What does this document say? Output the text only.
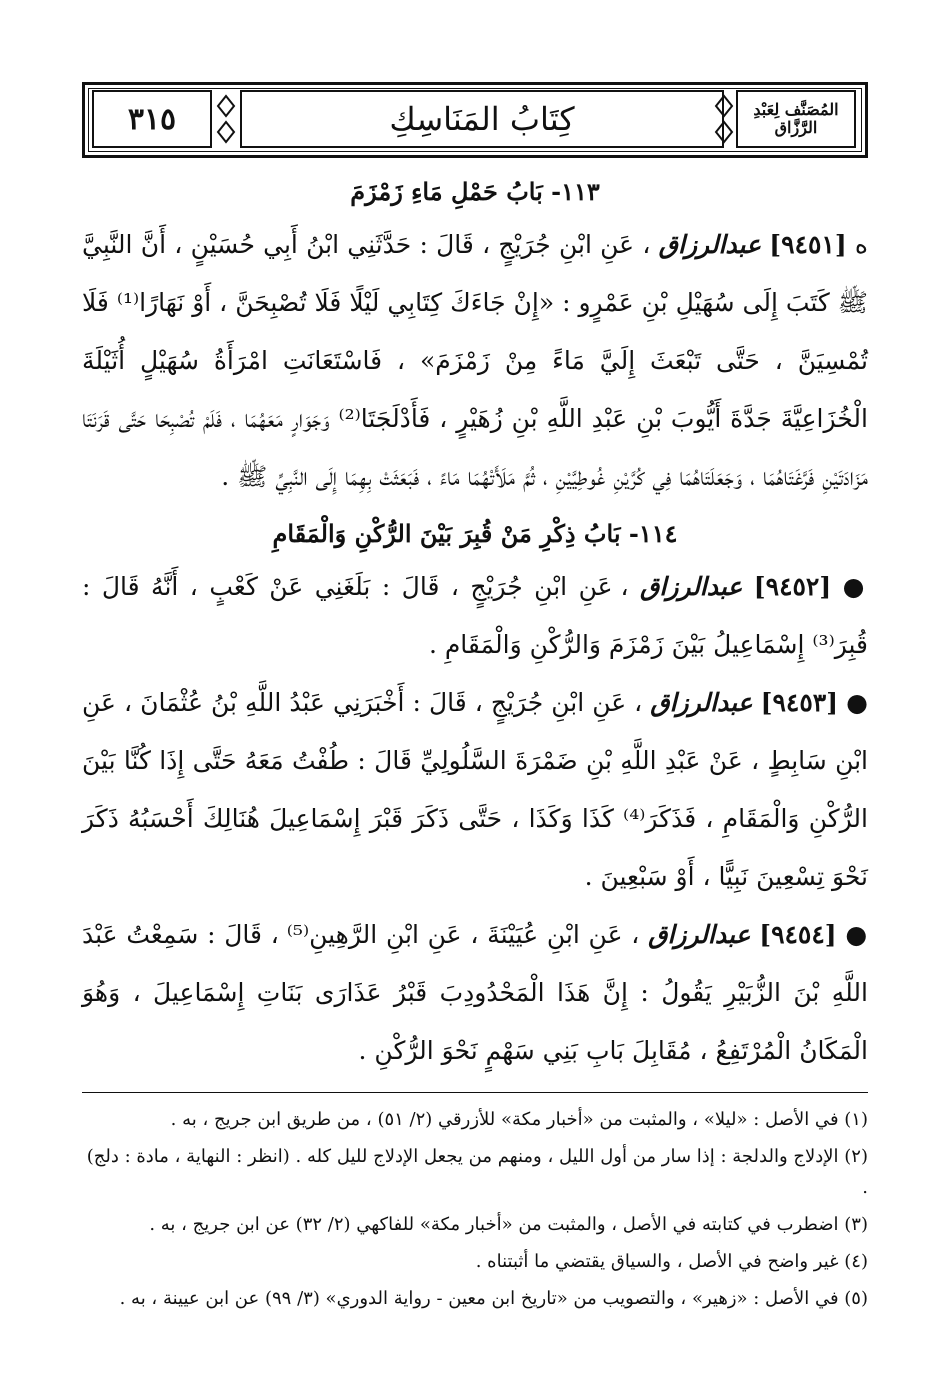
٣١٥	كِتَابُ المَنَاسِكِ	المُصَنَّف لِعَبْدِ الرَّزَّاق

١١٣- بَابُ حَمْلِ مَاءِ زَمْزَمَ

ه [٩٤٥١] عبدالرزاق ، عَنِ ابْنِ جُرَيْجٍ ، قَالَ : حَدَّثَنِي ابْنُ أَبِي حُسَيْنٍ ، أَنَّ النَّبِيَّ ﷺ كَتَبَ إِلَى سُهَيْلِ بْنِ عَمْرٍو : «إِنْ جَاءَكَ كِتَابِي لَيْلًا فَلَا تُصْبِحَنَّ ، أَوْ نَهَارًا⁽¹⁾ فَلَا تُمْسِيَنَّ ، حَتَّى تَبْعَثَ إِلَيَّ مَاءً مِنْ زَمْزَمَ» ، فَاسْتَعَانَتِ امْرَأَةُ سُهَيْلٍ أُثَيْلَةَ الْخُزَاعِيَّةَ جَدَّةَ أَيُّوبَ بْنِ عَبْدِ اللَّهِ بْنِ زُهَيْرٍ ، فَأَدْلَجَتَا⁽²⁾ وَجَوَارٍ مَعَهُمَا ، فَلَمْ تُصْبِحَا حَتَّى قَرَنَتَا مَزَادَتَيْنِ فَرَّغَتَاهُمَا ، وَجَعَلَتَاهُمَا فِي كُرَّيْنِ غُوطِيَّيْنِ ، ثُمَّ مَلَأَتْهُمَا مَاءً ، فَبَعَثَتْ بِهِمَا إِلَى النَّبِيِّ ﷺ .

١١٤- بَابُ ذِكْرِ مَنْ قُبِرَ بَيْنَ الرُّكْنِ وَالْمَقَامِ

● [٩٤٥٢] عبدالرزاق ، عَنِ ابْنِ جُرَيْجٍ ، قَالَ : بَلَغَنِي عَنْ كَعْبٍ ، أَنَّهُ قَالَ : قُبِرَ⁽³⁾ إِسْمَاعِيلُ بَيْنَ زَمْزَمَ وَالرُّكْنِ وَالْمَقَامِ .

● [٩٤٥٣] عبدالرزاق ، عَنِ ابْنِ جُرَيْجٍ ، قَالَ : أَخْبَرَنِي عَبْدُ اللَّهِ بْنُ عُثْمَانَ ، عَنِ ابْنِ سَابِطٍ ، عَنْ عَبْدِ اللَّهِ بْنِ ضَمْرَةَ السَّلُولِيِّ قَالَ : طُفْتُ مَعَهُ حَتَّى إِذَا كُنَّا بَيْنَ الرُّكْنِ وَالْمَقَامِ ، فَذَكَرَ⁽⁴⁾ كَذَا وَكَذَا ، حَتَّى ذَكَرَ قَبْرَ إِسْمَاعِيلَ هُنَالِكَ أَحْسَبُهُ ذَكَرَ نَحْوَ تِسْعِينَ نَبِيًّا ، أَوْ سَبْعِينَ .

● [٩٤٥٤] عبدالرزاق ، عَنِ ابْنِ عُيَيْنَةَ ، عَنِ ابْنِ الرَّهِينِ⁽⁵⁾ ، قَالَ : سَمِعْتُ عَبْدَ اللَّهِ بْنَ الزُّبَيْرِ يَقُولُ : إِنَّ هَذَا الْمَحْدُودِبَ قَبْرُ عَذَارَى بَنَاتِ إِسْمَاعِيلَ ، وَهُوَ الْمَكَانُ الْمُرْتَفِعُ ، مُقَابِلَ بَابِ بَنِي سَهْمٍ نَحْوَ الرُّكْنِ .

(١) في الأصل : «ليلا» ، والمثبت من «أخبار مكة» للأزرقي (٢/ ٥١) ، من طريق ابن جريج ، به .

(٢) الإدلاج والدلجة : إذا سار من أول الليل ، ومنهم من يجعل الإدلاج لليل كله . (انظر : النهاية ، مادة : دلج) .

(٣) اضطرب في كتابته في الأصل ، والمثبت من «أخبار مكة» للفاكهي (٢/ ٣٢) عن ابن جريج ، به .

(٤) غير واضح في الأصل ، والسياق يقتضي ما أثبتناه .

(٥) في الأصل : «زهير» ، والتصويب من «تاريخ ابن معين - رواية الدوري» (٣/ ٩٩) عن ابن عيينة ، به .
